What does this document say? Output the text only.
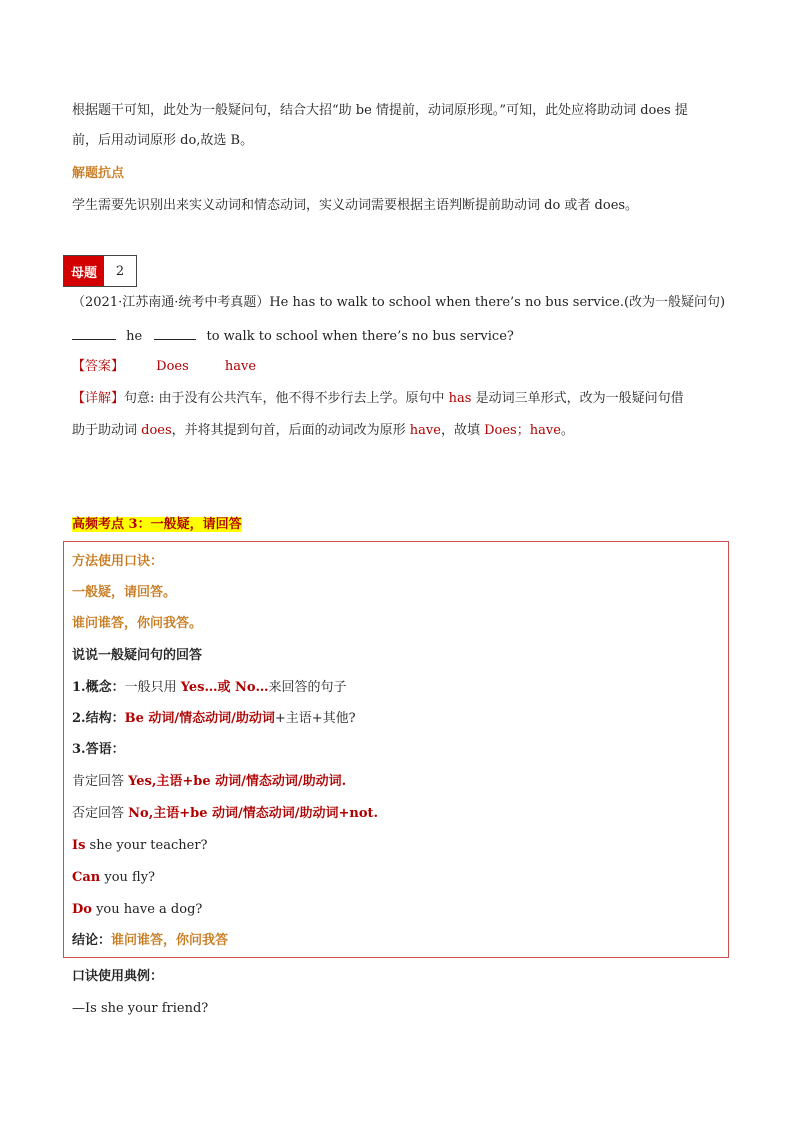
根据题干可知，此处为一般疑问句，结合大招“助 be 情提前，动词原形现。”可知，此处应将助动词 does 提
前，后用动词原形 do,故选 B。
解题抗点
学生需要先识别出来实义动词和情态动词，实义动词需要根据主语判断提前助动词 do 或者 does。
母题	2
（2021·江苏南通·统考中考真题）He has to walk to school when there’s no bus service.(改为一般疑问句)
he	to walk to school when there’s no bus service?
【答案】 Does	have
【详解】句意: 由于没有公共汽车，他不得不步行去上学。原句中 has 是动词三单形式，改为一般疑问句借
助于助动词 does，并将其提到句首，后面的动词改为原形 have，故填 Does；have。
高频考点 3：一般疑，请回答
方法使用口诀：
一般疑，请回答。
谁问谁答，你问我答。
说说一般疑问句的回答
1.概念：一般只用 Yes…或 No…来回答的句子
2.结构：Be 动词/情态动词/助动词+主语+其他?
3.答语：
肯定回答 Yes,主语+be 动词/情态动词/助动词.
否定回答 No,主语+be 动词/情态动词/助动词+not.
Is she your teacher?
Can you fly?
Do you have a dog?
结论：谁问谁答，你问我答
口诀使用典例：
—Is she your friend?
